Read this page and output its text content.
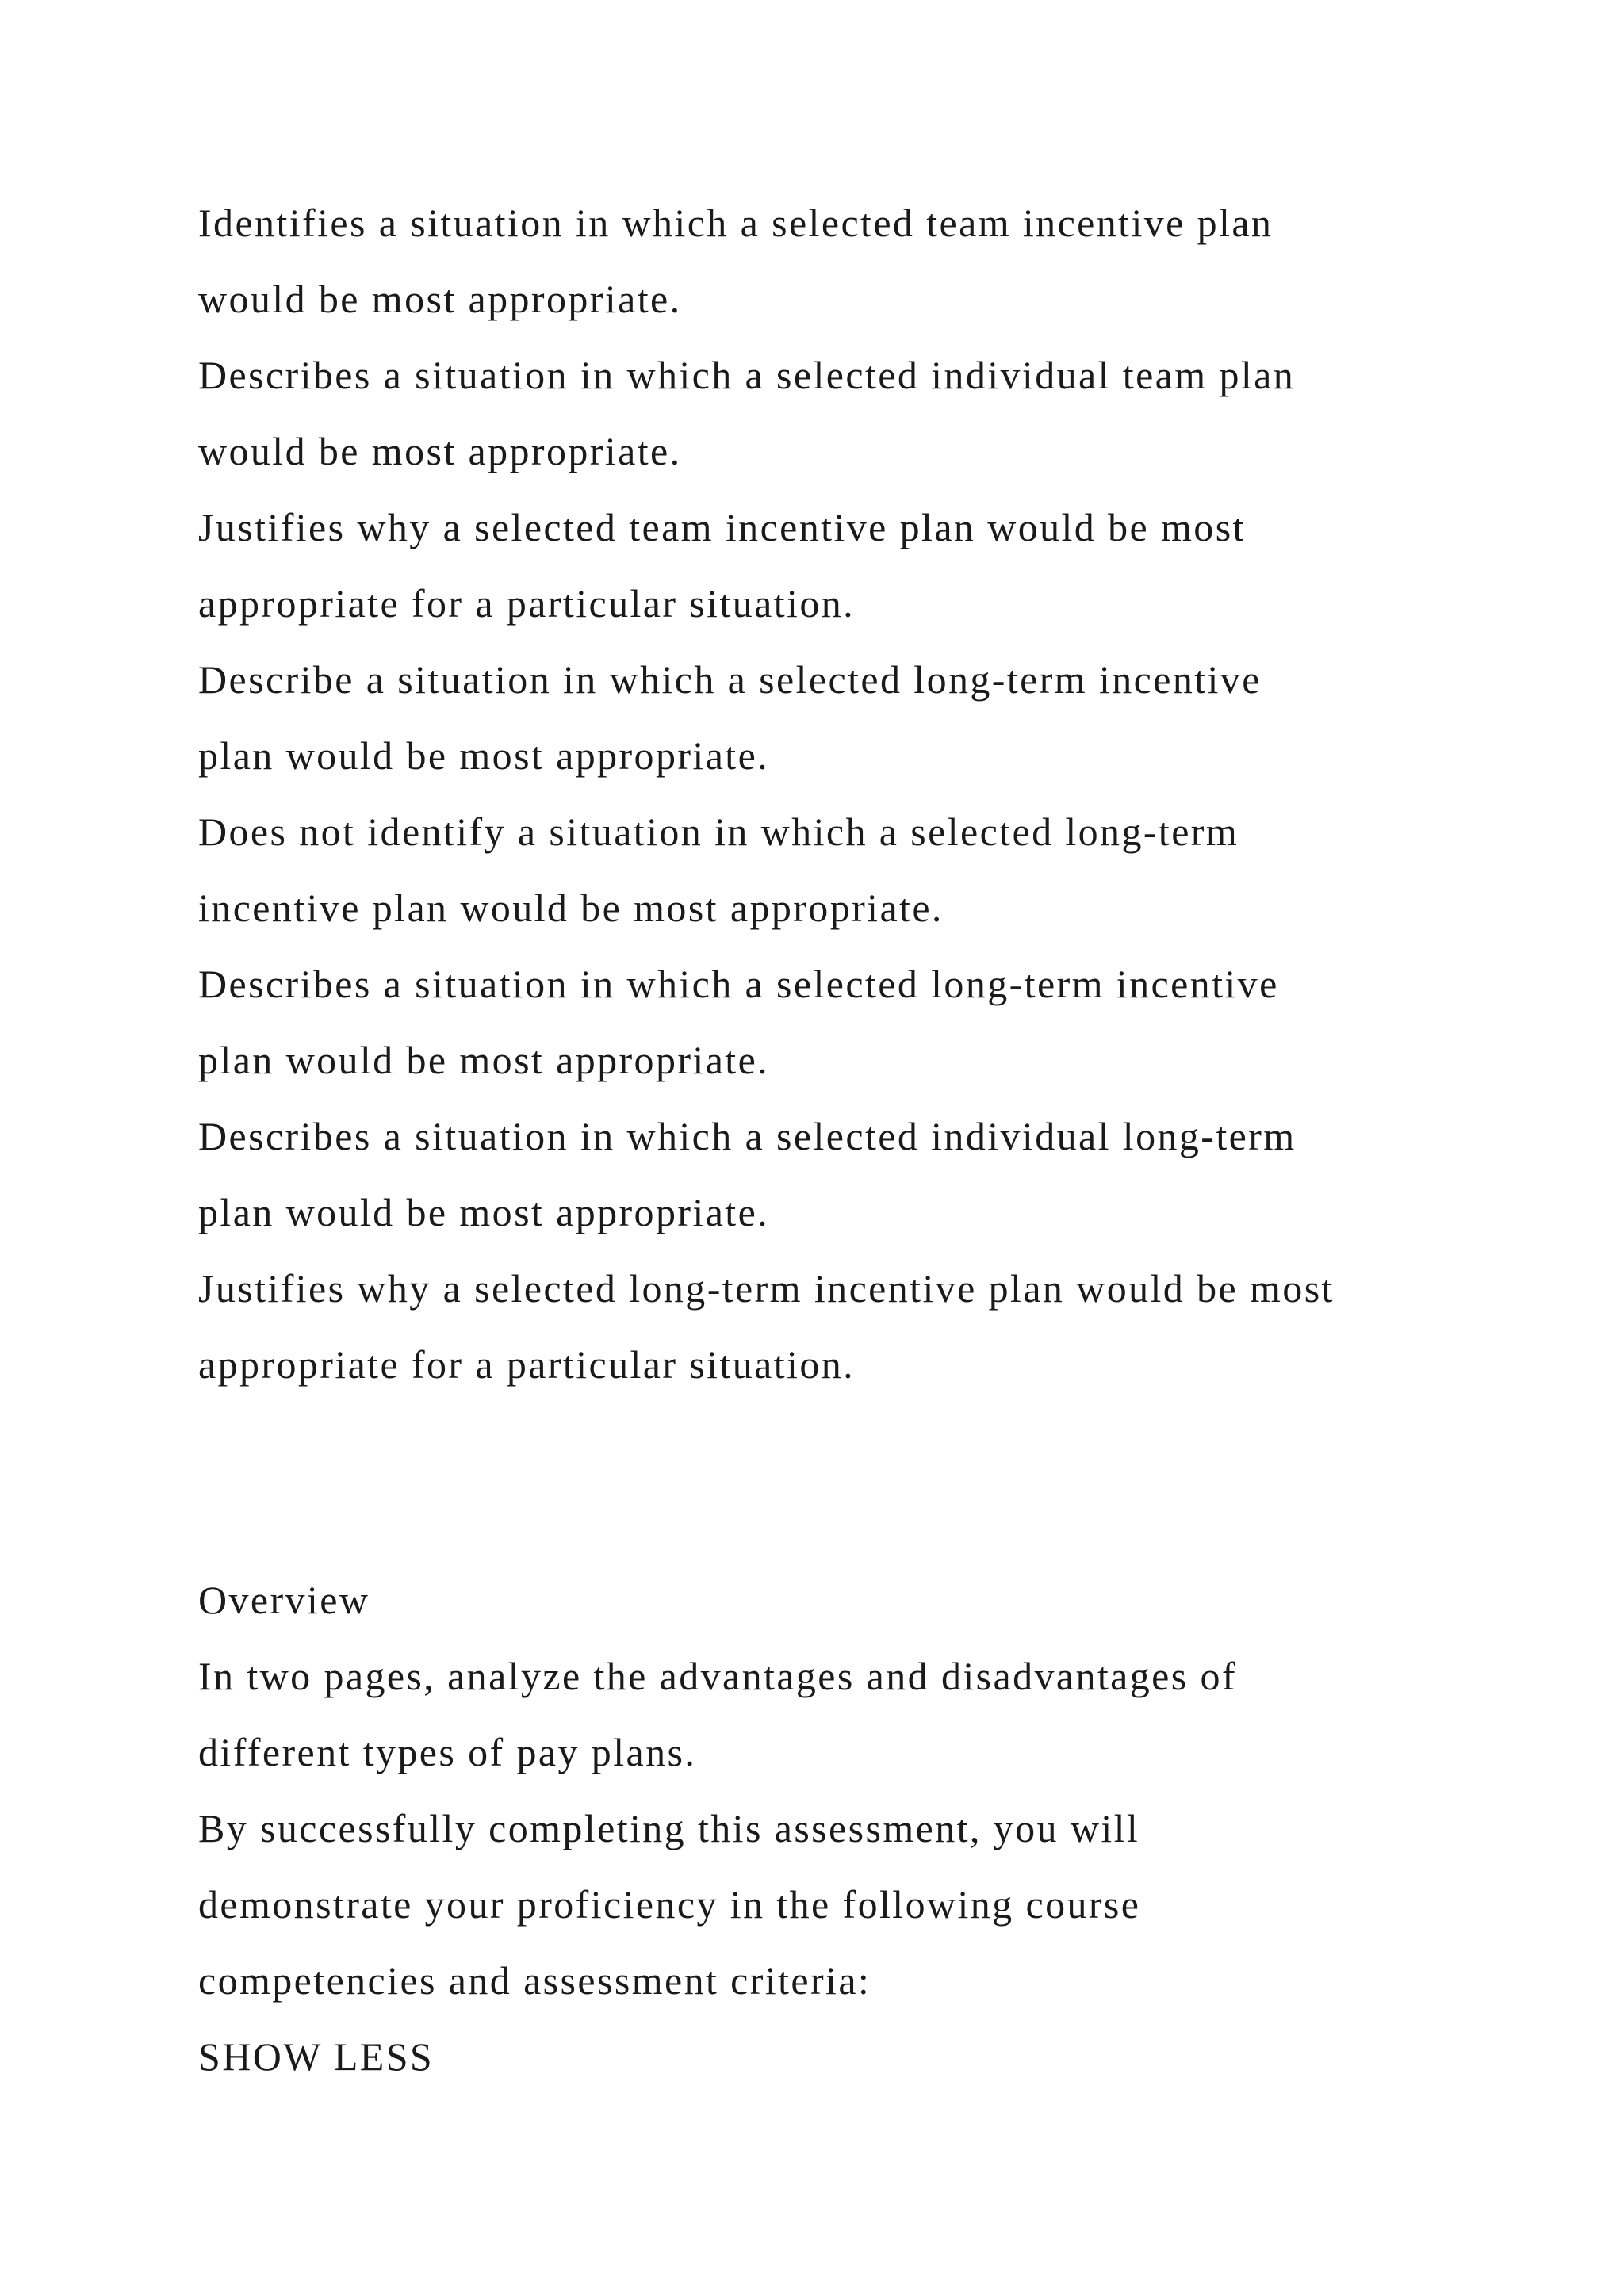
Identifies a situation in which a selected team incentive plan
would be most appropriate.
Describes a situation in which a selected individual team plan
would be most appropriate.
Justifies why a selected team incentive plan would be most
appropriate for a particular situation.
Describe a situation in which a selected long-term incentive
plan would be most appropriate.
Does not identify a situation in which a selected long-term
incentive plan would be most appropriate.
Describes a situation in which a selected long-term incentive
plan would be most appropriate.
Describes a situation in which a selected individual long-term
plan would be most appropriate.
Justifies why a selected long-term incentive plan would be most
appropriate for a particular situation.
Overview
In two pages, analyze the advantages and disadvantages of
different types of pay plans.
By successfully completing this assessment, you will
demonstrate your proficiency in the following course
competencies and assessment criteria:
SHOW LESS
